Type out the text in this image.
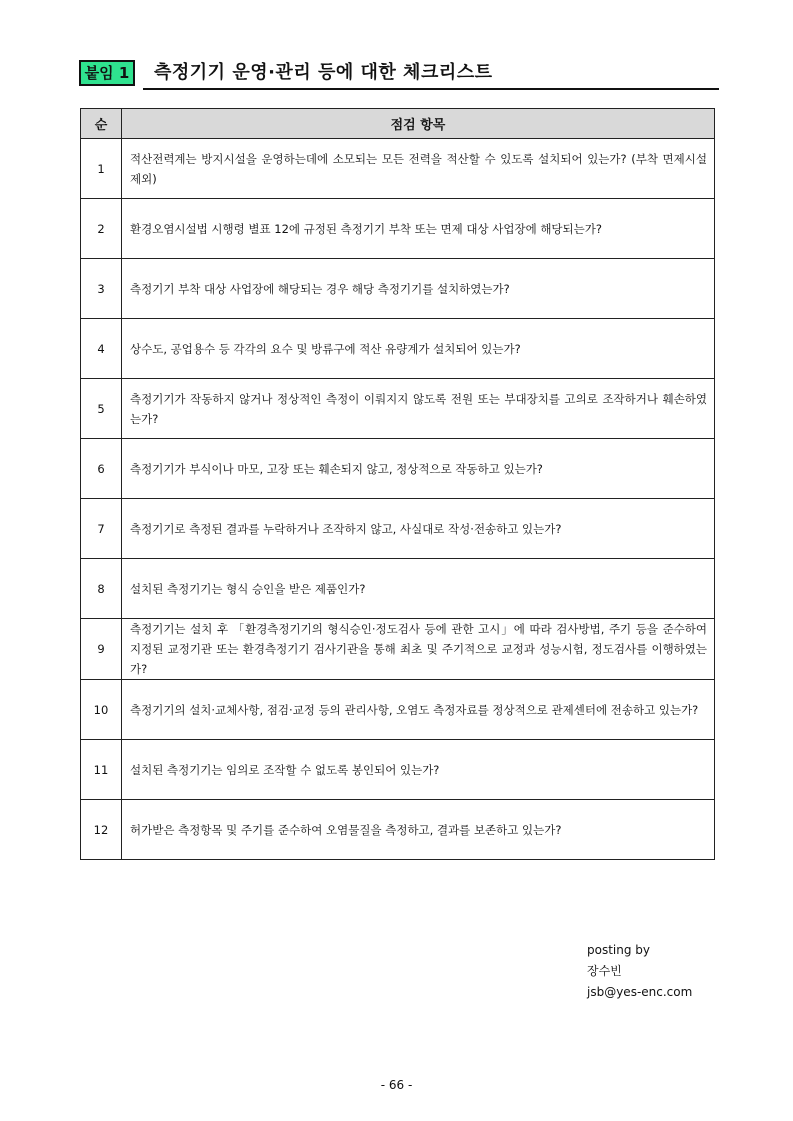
붙임 1	측정기기 운영·관리 등에 대한 체크리스트
순	점검 항목
1	적산전력계는 방지시설을 운영하는데에 소모되는 모든 전력을 적산할 수 있도록 설치되어 있는가? (부착 면제시설 제외)
2	환경오염시설법 시행령 별표 12에 규정된 측정기기 부착 또는 면제 대상 사업장에 해당되는가?
3	측정기기 부착 대상 사업장에 해당되는 경우 해당 측정기기를 설치하였는가?
4	상수도, 공업용수 등 각각의 요수 및 방류구에 적산 유량계가 설치되어 있는가?
5	측정기기가 작동하지 않거나 정상적인 측정이 이뤄지지 않도록 전원 또는 부대장치를 고의로 조작하거나 훼손하였는가?
6	측정기기가 부식이나 마모, 고장 또는 훼손되지 않고, 정상적으로 작동하고 있는가?
7	측정기기로 측정된 결과를 누락하거나 조작하지 않고, 사실대로 작성·전송하고 있는가?
8	설치된 측정기기는 형식 승인을 받은 제품인가?
9	측정기기는 설치 후 「환경측정기기의 형식승인·정도검사 등에 관한 고시」에 따라 검사방법, 주기 등을 준수하여 지정된 교정기관 또는 환경측정기기 검사기관을 통해 최초 및 주기적으로 교정과 성능시험, 정도검사를 이행하였는가?
10	측정기기의 설치·교체사항, 점검·교정 등의 관리사항, 오염도 측정자료를 정상적으로 관제센터에 전송하고 있는가?
11	설치된 측정기기는 임의로 조작할 수 없도록 봉인되어 있는가?
12	허가받은 측정항목 및 주기를 준수하여 오염물질을 측정하고, 결과를 보존하고 있는가?
posting by
장수빈
jsb@yes-enc.com
- 66 -
